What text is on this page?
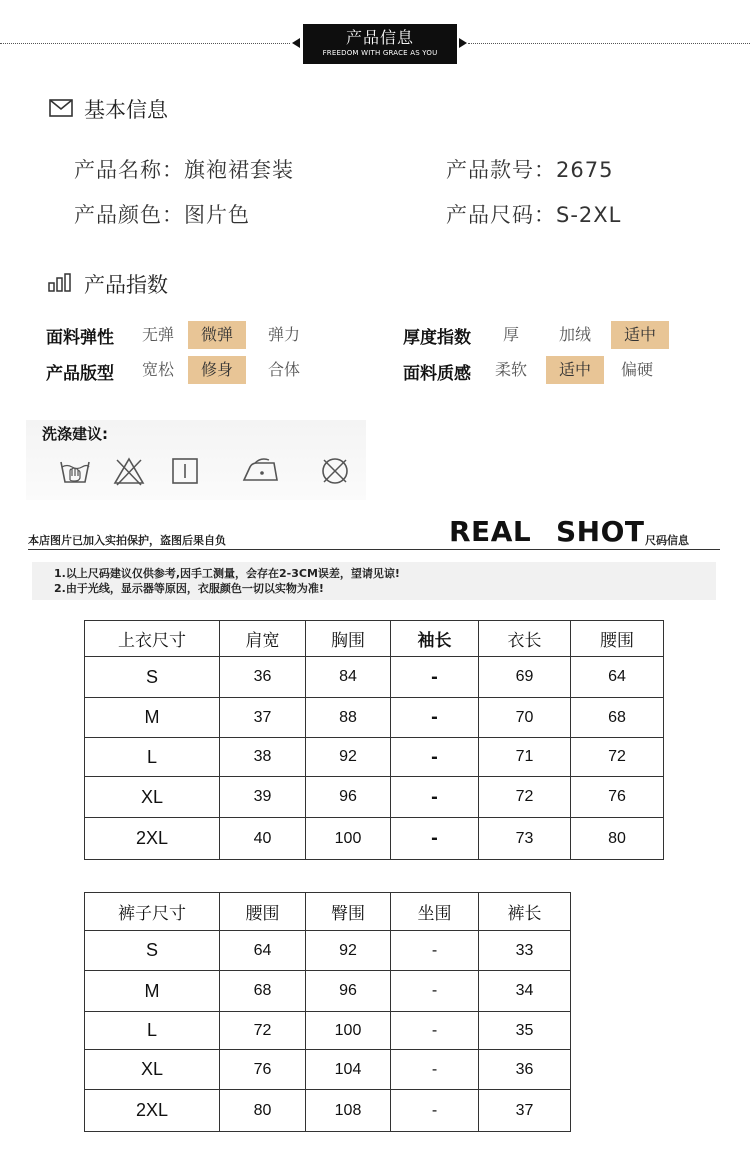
产品信息
FREEDOM WITH GRACE AS YOU
基本信息
产品名称：旗袍裙套装	产品款号：2675
产品颜色：图片色	产品尺码：S-2XL
产品指数
面料弹性	无弹	微弹	弹力	厚度指数	厚	加绒	适中
产品版型	宽松	修身	合体	面料质感	柔软	适中	偏硬
洗涤建议:
本店图片已加入实拍保护，盗图后果自负	REAL SHOT 尺码信息
1.以上尺码建议仅供参考,因手工测量，会存在2-3CM误差，望请见谅!
2.由于光线，显示器等原因，衣服颜色一切以实物为准!
上衣尺寸	肩宽	胸围	袖长	衣长	腰围
S	36	84	-	69	64
M	37	88	-	70	68
L	38	92	-	71	72
XL	39	96	-	72	76
2XL	40	100	-	73	80
裤子尺寸	腰围	臀围	坐围	裤长
S	64	92	-	33
M	68	96	-	34
L	72	100	-	35
XL	76	104	-	36
2XL	80	108	-	37
